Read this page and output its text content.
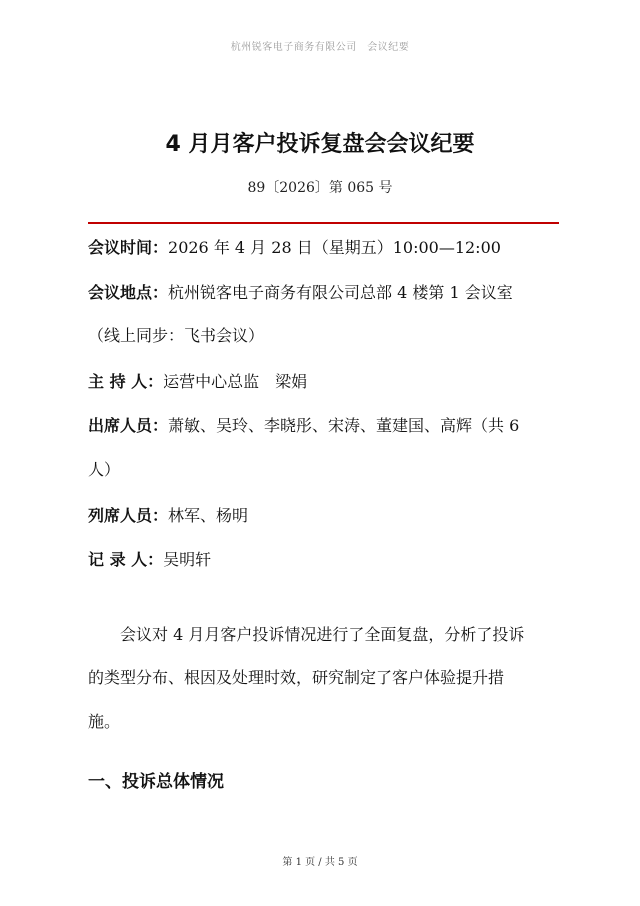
杭州锐客电子商务有限公司　会议纪要
4 月月客户投诉复盘会会议纪要
89〔2026〕第 065 号
会议时间：2026 年 4 月 28 日（星期五）10:00—12:00
会议地点：杭州锐客电子商务有限公司总部 4 楼第 1 会议室
（线上同步：飞书会议）
主 持 人：运营中心总监　梁娟
出席人员：萧敏、吴玲、李晓彤、宋涛、董建国、高辉（共 6
人）
列席人员：林军、杨明
记 录 人：吴明轩
会议对 4 月月客户投诉情况进行了全面复盘，分析了投诉
的类型分布、根因及处理时效，研究制定了客户体验提升措
施。
一、投诉总体情况
第 1 页 / 共 5 页
